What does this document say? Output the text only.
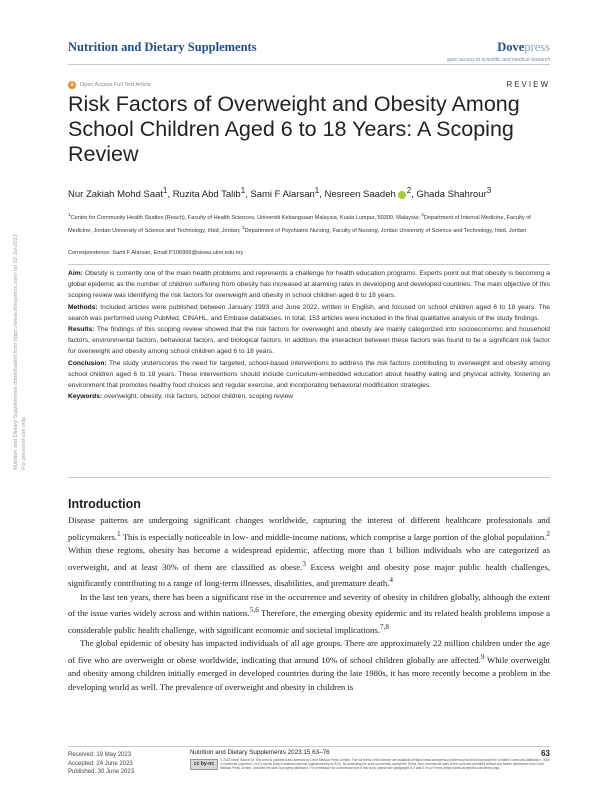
Nutrition and Dietary Supplements	Dovepress
open access to scientific and medical research
a	Open Access Full Text Article	REVIEW
Risk Factors of Overweight and Obesity Among School Children Aged 6 to 18 Years: A Scoping Review
Nur Zakiah Mohd Saat$^1$, Ruzita Abd Talib$^1$, Sami F Alarsan$^1$, Nesreen Saadeh $^2$, Ghada Shahrour$^3$
$^1$Centre for Community Health Studies (Reach), Faculty of Health Sciences, Universiti Kebangsaan Malaysia, Kuala Lumpur, 50300, Malaysia; $^2$Department of Internal Medicine, Faculty of Medicine, Jordan University of Science and Technology, Irbid, Jordan; $^3$Department of Psychiatric Nursing, Faculty of Nursing, Jordan University of Science and Technology, Irbid, Jordan
Correspondence: Sami F Alarsan, Email P106966@siswa.ukm.edu.my

Aim: Obesity is currently one of the main health problems and represents a challenge for health education programs. Experts point out that obesity is becoming a global epidemic as the number of children suffering from obesity has increased at alarming rates in developing and developed countries. The main objective of this scoping review was identifying the risk factors for overweight and obesity in school children aged 6 to 18 years.

Methods: Included articles were published between January 1993 and June 2022, written in English, and focused on school children aged 6 to 18 years. The search was performed using PubMed, CINAHL, and Embase databases. In total, 153 articles were included in the final qualitative analysis of the study findings.

Results: The findings of this scoping review showed that the risk factors for overweight and obesity are mainly categorized into socioeconomic and household factors, environmental factors, behavioral factors, and biological factors. In addition, the interaction between these factors was found to be a significant risk factor for overweight and obesity among school children aged 6 to 18 years.

Conclusion: The study underscores the need for targeted, school-based interventions to address the risk factors contributing to overweight and obesity among school children aged 6 to 18 years. These interventions should include curriculum-embedded education about healthy eating and physical activity, fostering an environment that promotes healthy food choices and regular exercise, and incorporating behavioral modification strategies.

Keywords: overweight, obesity, risk factors, school children, scoping review

Introduction

Disease patterns are undergoing significant changes worldwide, capturing the interest of different healthcare professionals and policymakers.$^1$ This is especially noticeable in low- and middle-income nations, which comprise a large portion of the global population.$^2$ Within these regions, obesity has become a widespread epidemic, affecting more than 1 billion individuals who are categorized as overweight, and at least 30% of them are classified as obese.$^3$ Excess weight and obesity pose major public health challenges, significantly contributing to a range of long-term illnesses, disabilities, and premature death.$^4$

In the last ten years, there has been a significant rise in the occurrence and severity of obesity in children globally, although the extent of the issue varies widely across and within nations.$^{5,6}$ Therefore, the emerging obesity epidemic and its related health problems impose a considerable public health challenge, with significant economic and societal implications.$^{7,8}$

The global epidemic of obesity has impacted individuals of all age groups. There are approximately 22 million children under the age of five who are overweight or obese worldwide, indicating that around 10% of school children globally are affected.$^9$ While overweight and obesity among children initially emerged in developed countries during the late 1980s, it has more recently become a problem in the developing world as well. The prevalence of overweight and obesity in children is

Received: 19 May 2023
Accepted: 24 June 2023
Published: 30 June 2023
Nutrition and Dietary Supplements 2023:15 63–76	63
cc by-nc
© 2023 Mohd Saat et al. This work is published and licensed by Dove Medical Press Limited. The full terms of this license are available at https://www.dovepress.com/terms.php and incorporate the Creative Commons Attribution – Non Commercial (unported, v3.0) License (http://creativecommons.org/licenses/by-nc/3.0/). By accessing the work you hereby accept the Terms. Non-commercial uses of the work are permitted without any further permission from Dove Medical Press Limited, provided the work is properly attributed. For permission for commercial use of this work, please see paragraphs 4.2 and 5 of our Terms (https://www.dovepress.com/terms.php).
Nutrition and Dietary Supplements downloaded from https://www.dovepress.com/ on 02-Jul-2023 For personal use only.
